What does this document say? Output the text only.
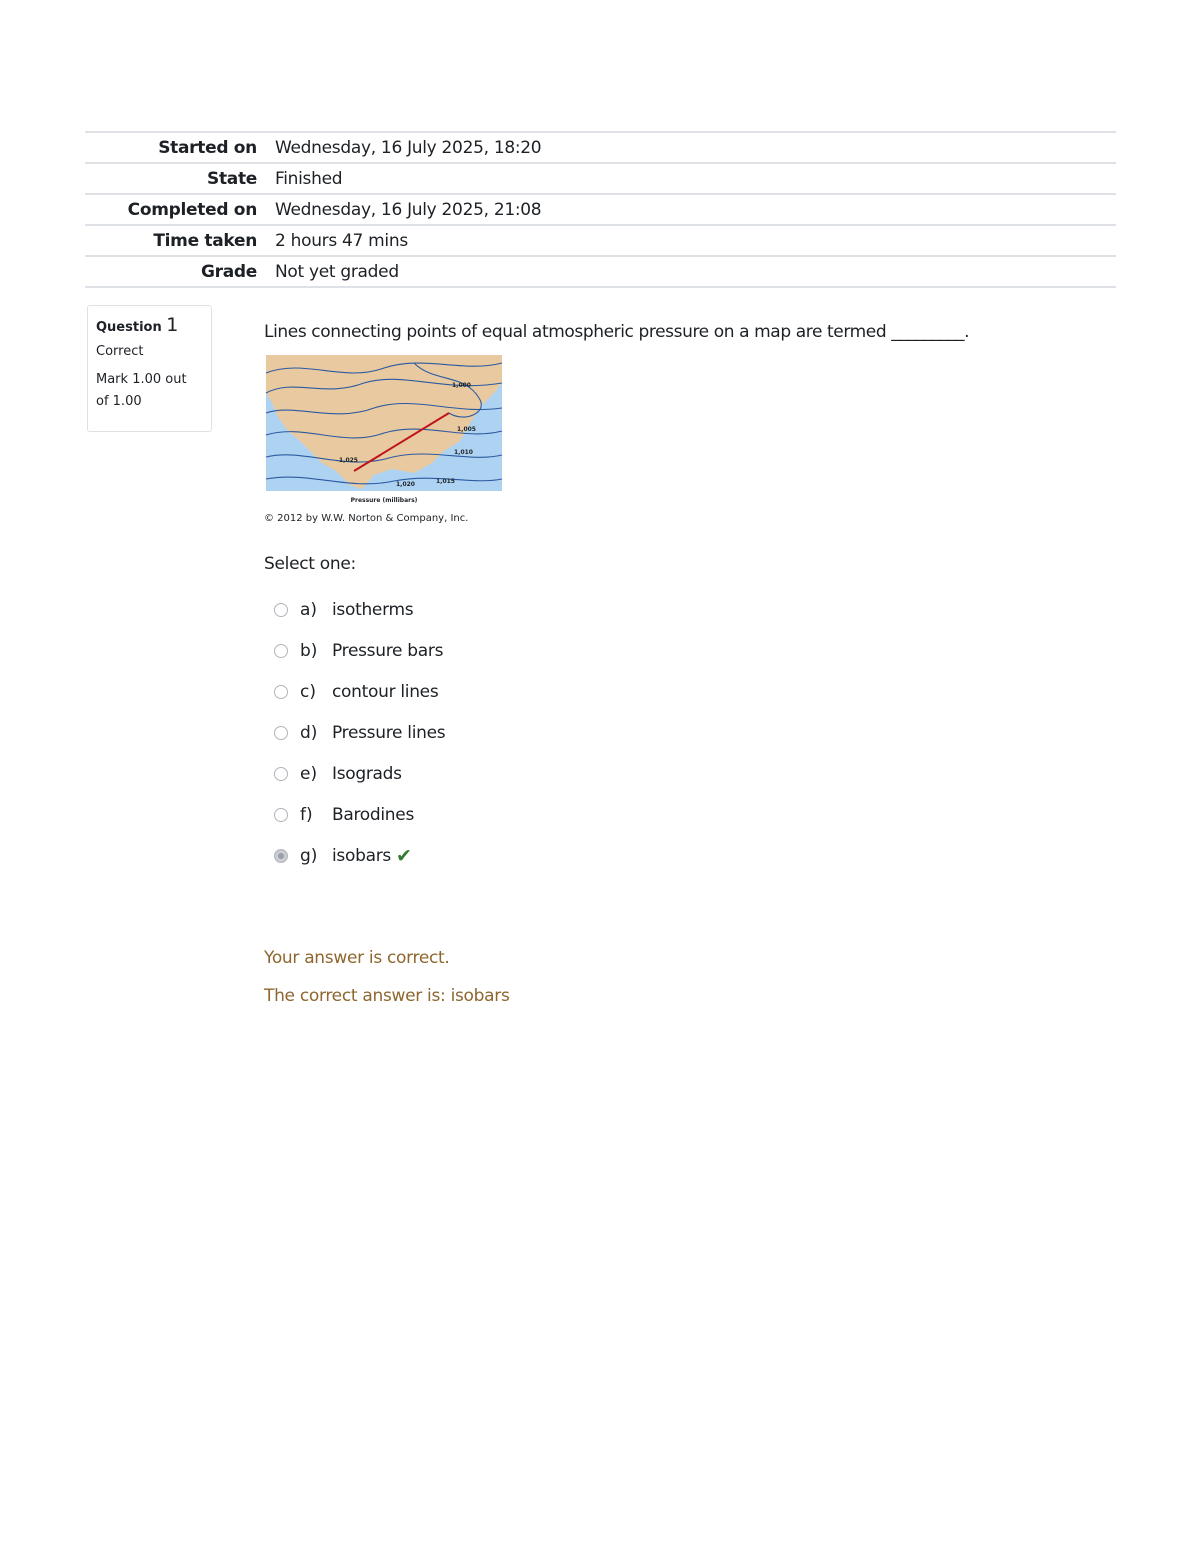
Started on	Wednesday, 16 July 2025, 18:20
State	Finished
Completed on	Wednesday, 16 July 2025, 21:08
Time taken	2 hours 47 mins
Grade	Not yet graded
Question 1
Correct
Mark 1.00 out of 1.00
Lines connecting points of equal atmospheric pressure on a map are termed _________.
1,000
1,005
1,010
1,015
1,020
1,025
Pressure (millibars)
© 2012 by W.W. Norton & Company, Inc.
Select one:
a) isotherms
b) Pressure bars
c) contour lines
d) Pressure lines
e) Isograds
f)	Barodines
g) isobars ✔
Your answer is correct.
The correct answer is: isobars
